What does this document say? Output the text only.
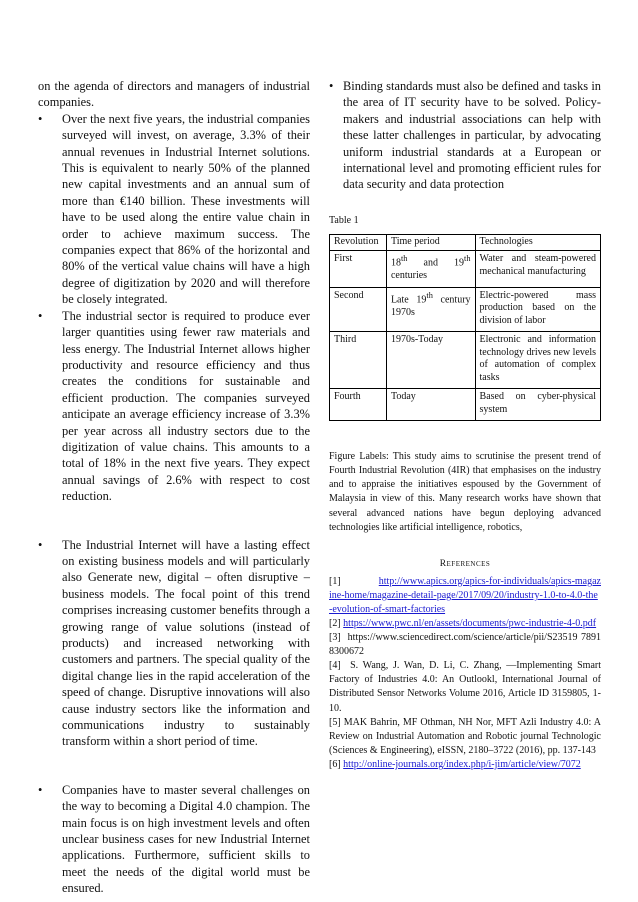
on the agenda of directors and managers of industrial companies.

• Over the next five years, the industrial companies surveyed will invest, on average, 3.3% of their annual revenues in Industrial Internet solutions. This is equivalent to nearly 50% of the planned new capital investments and an annual sum of more than €140 billion. These investments will have to be used along the entire value chain in order to achieve maximum success. The companies expect that 86% of the horizontal and 80% of the vertical value chains will have a high degree of digitization by 2020 and will therefore be closely integrated.
• The industrial sector is required to produce ever larger quantities using fewer raw materials and less energy. The Industrial Internet allows higher productivity and resource efficiency and thus creates the conditions for sustainable and efficient production. The companies surveyed anticipate an average efficiency increase of 3.3% per year across all industry sectors due to the digitization of value chains. This amounts to a total of 18% in the next five years. They expect annual savings of 2.6% with respect to cost reduction.
• The Industrial Internet will have a lasting effect on existing business models and will particularly also Generate new, digital – often disruptive – business models. The focal point of this trend comprises increasing customer benefits through a growing range of value solutions (instead of products) and increased networking with customers and partners. The special quality of the digital change lies in the rapid acceleration of the speed of change. Disruptive innovations will also cause industry sectors like the information and communications industry to sustainably transform within a short period of time.
• Companies have to master several challenges on the way to becoming a Digital 4.0 champion. The main focus is on high investment levels and often unclear business cases for new Industrial Internet applications. Furthermore, sufficient skills to meet the needs of the digital world must be ensured.
• Binding standards must also be defined and tasks in the area of IT security have to be solved. Policy-makers and industrial associations can help with these latter challenges in particular, by advocating uniform industrial standards at a European or international level and promoting efficient rules for data security and data protection

Table 1

Revolution	Time period	Technologies
First	18th and 19th centuries	Water and steam-powered mechanical manufacturing
Second	Late 19th century 1970s	Electric-powered mass production based on the division of labor
Third	1970s-Today	Electronic and information technology drives new levels of automation of complex tasks
Fourth	Today	Based on cyber-physical system

Figure Labels: This study aims to scrutinise the present trend of Fourth Industrial Revolution (4IR) that emphasises on the industry and to appraise the initiatives espoused by the Government of Malaysia in view of this. Many research works have shown that several advanced nations have begun deploying advanced technologies like artificial intelligence, robotics,

References
[1]	http://www.apics.org/apics-for-individuals/apics-magazine-home/magazine-detail-page/2017/09/20/industry-1.0-to-4.0-the-evolution-of-smart-factories
[2] https://www.pwc.nl/en/assets/documents/pwc-industrie-4-0.pdf
[3] https://www.sciencedirect.com/science/article/pii/S23519 78918300672
[4] S. Wang, J. Wan, D. Li, C. Zhang, ―Implementing Smart Factory of Industries 4.0: An Outlookl, International Journal of Distributed Sensor Networks Volume 2016, Article ID 3159805, 1-10.
[5] MAK Bahrin, MF Othman, NH Nor, MFT Azli Industry 4.0: A Review on Industrial Automation and Robotic journal Technologic (Sciences & Engineering), eISSN, 2180–3722 (2016), pp. 137-143
[6] http://online-journals.org/index.php/i-jim/article/view/7072
